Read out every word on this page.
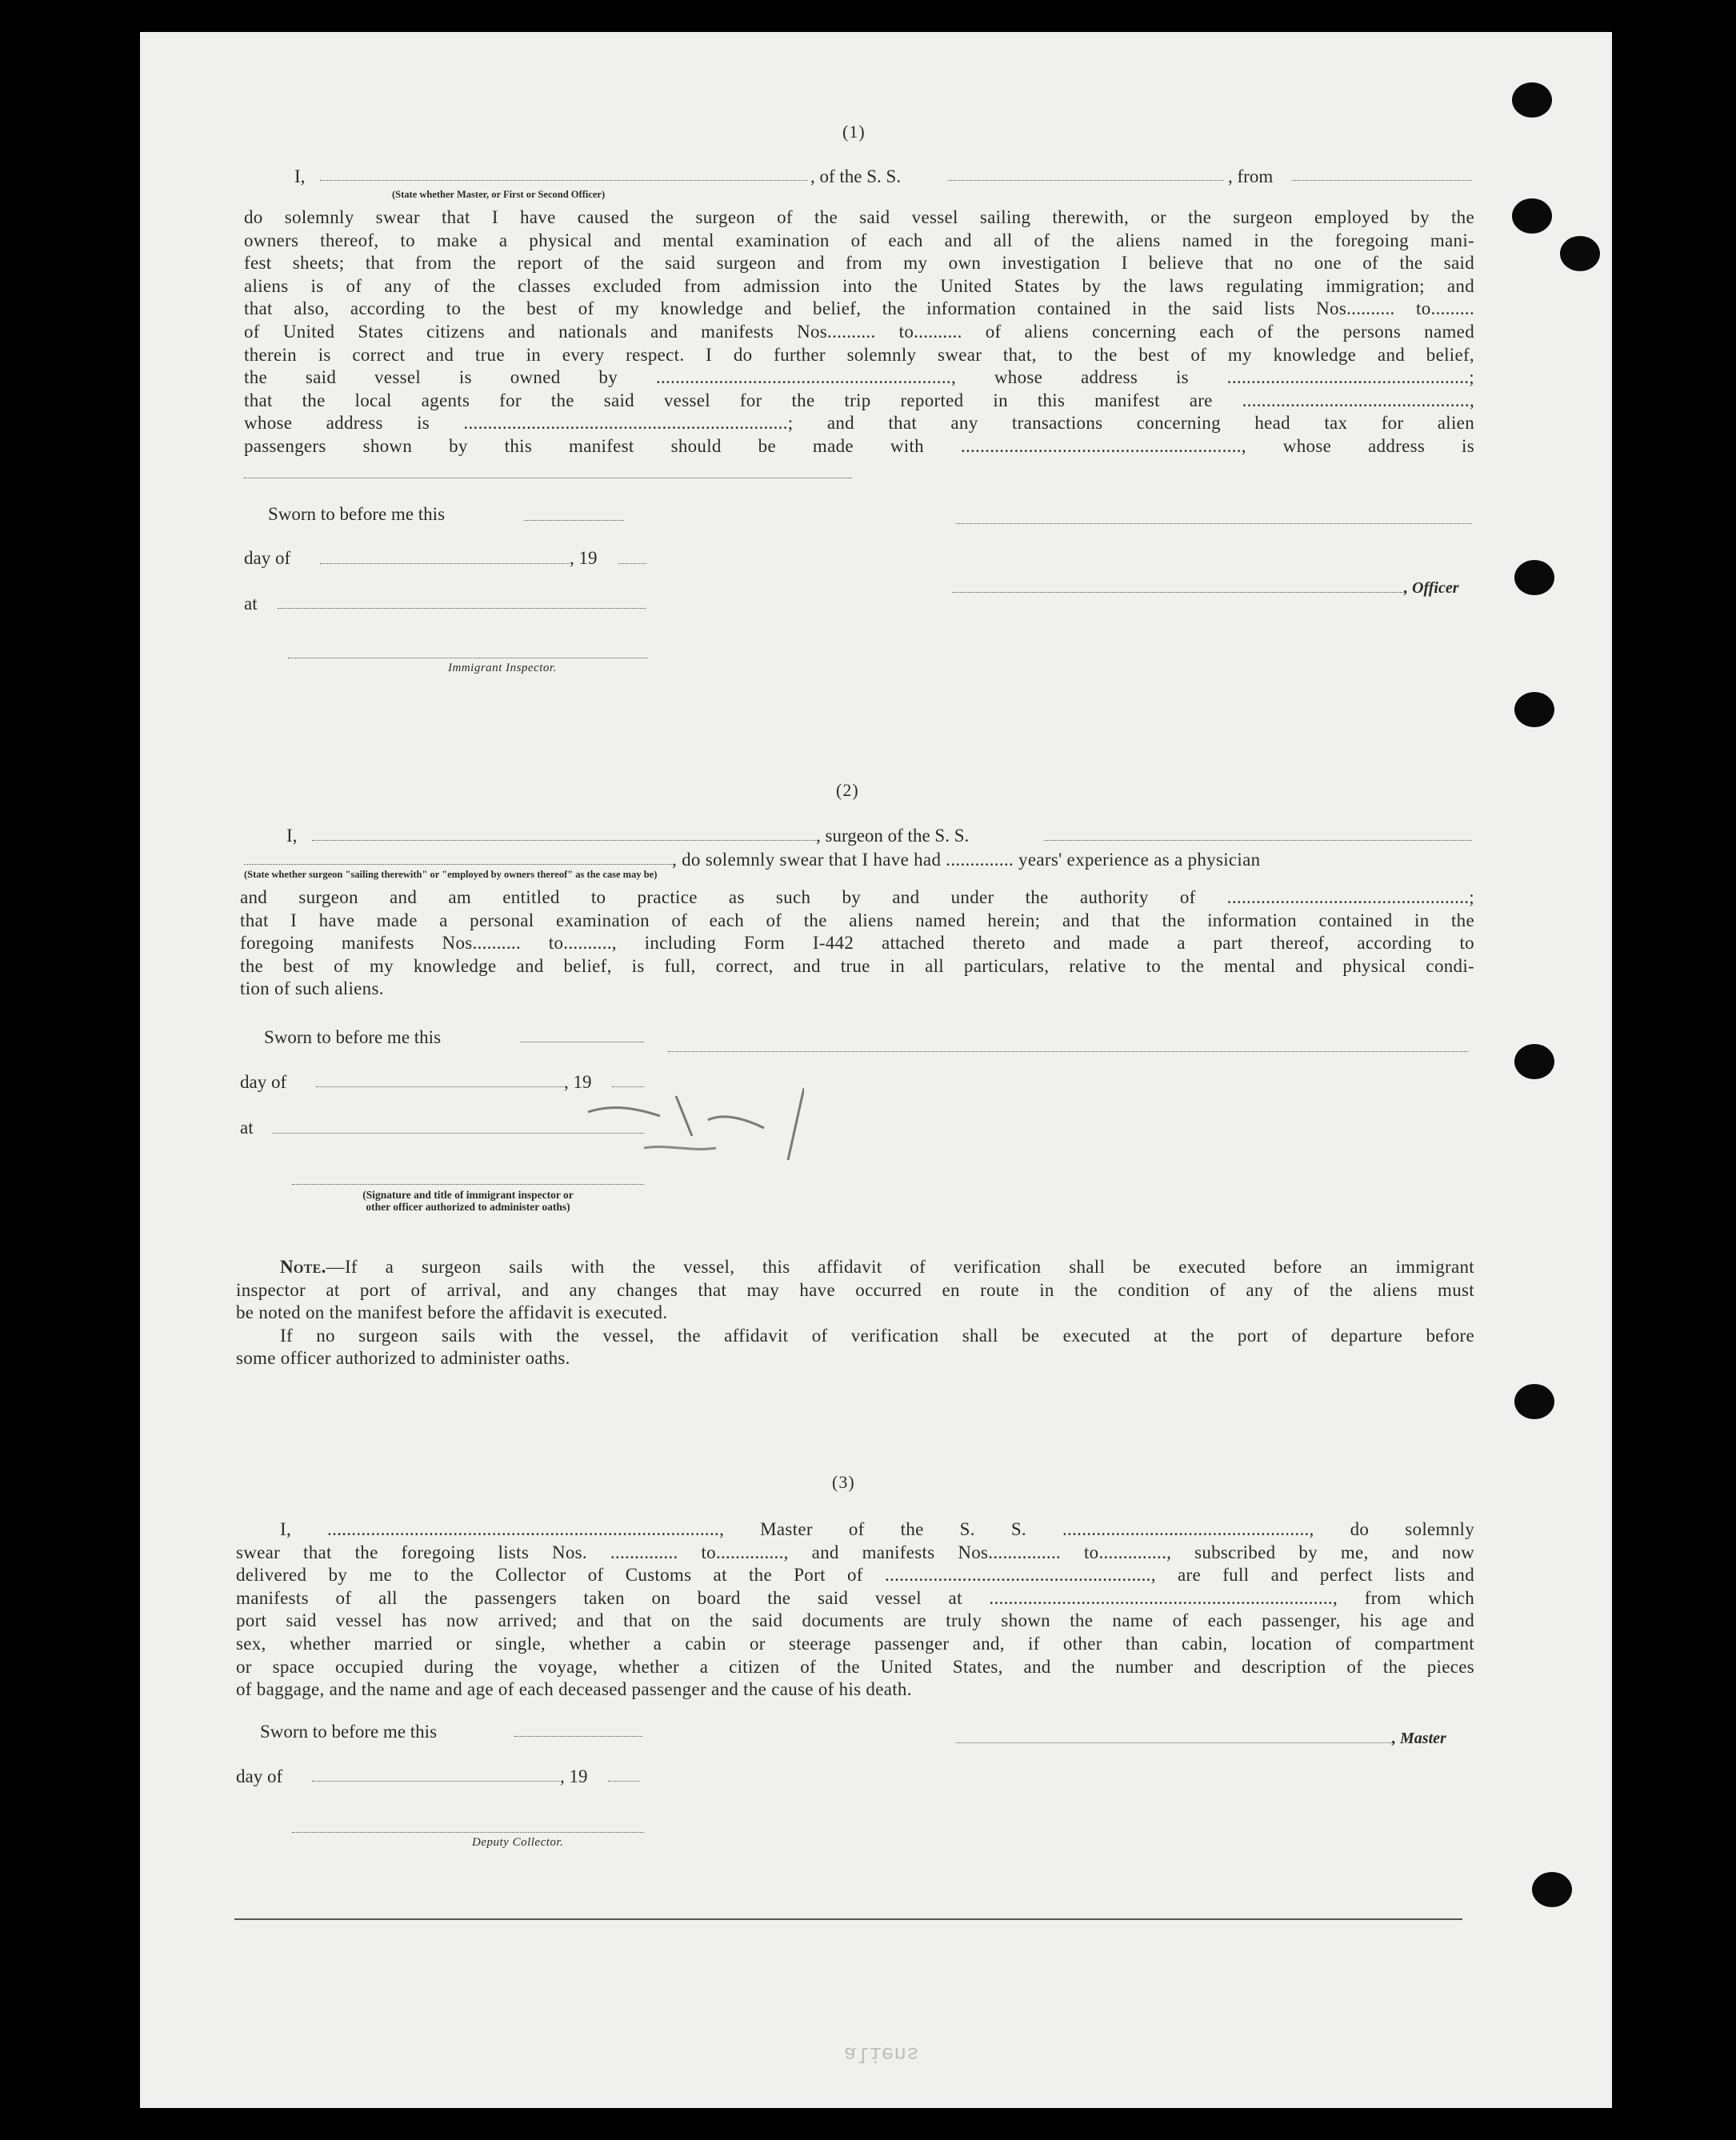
(1)
I,	, of the S. S.	, from
(State whether Master, or First or Second Officer)
do solemnly swear that I have caused the surgeon of the said vessel sailing therewith, or the surgeon employed by the
owners thereof, to make a physical and mental examination of each and all of the aliens named in the foregoing mani-
fest sheets; that from the report of the said surgeon and from my own investigation I believe that no one of the said
aliens is of any of the classes excluded from admission into the United States by the laws regulating immigration; and
that also, according to the best of my knowledge and belief, the information contained in the said lists Nos.......... to.........
of United States citizens and nationals and manifests Nos.......... to.......... of aliens concerning each of the persons named
therein is correct and true in every respect. I do further solemnly swear that, to the best of my knowledge and belief,
the said vessel is owned by ............................................................., whose address is ..................................................;
that the local agents for the said vessel for the trip reported in this manifest are ...............................................,
whose address is ...................................................................; and that any transactions concerning head tax for alien
passengers shown by this manifest should be made with .........................................................., whose address is
Sworn to before me this
day of	, 19
at
, Officer
Immigrant Inspector.
(2)
I,	, surgeon of the S. S.
, do solemnly swear that I have had .............. years' experience as a physician
(State whether surgeon "sailing therewith" or "employed by owners thereof" as the case may be)
and surgeon and am entitled to practice as such by and under the authority of ..................................................;
that I have made a personal examination of each of the aliens named herein; and that the information contained in the
foregoing manifests Nos.......... to.........., including Form I-442 attached thereto and made a part thereof, according to
the best of my knowledge and belief, is full, correct, and true in all particulars, relative to the mental and physical condi-
tion of such aliens.
Sworn to before me this
day of	, 19
at
(Signature and title of immigrant inspector or
other officer authorized to administer oaths)
Note.—If a surgeon sails with the vessel, this affidavit of verification shall be executed before an immigrant
inspector at port of arrival, and any changes that may have occurred en route in the condition of any of the aliens must
be noted on the manifest before the affidavit is executed.
If no surgeon sails with the vessel, the affidavit of verification shall be executed at the port of departure before
some officer authorized to administer oaths.
(3)
I, ................................................................................., Master of the S. S. ..................................................., do solemnly
swear that the foregoing lists Nos. .............. to.............., and manifests Nos............... to.............., subscribed by me, and now
delivered by me to the Collector of Customs at the Port of ......................................................., are full and perfect lists and
manifests of all the passengers taken on board the said vessel at ......................................................................., from which
port said vessel has now arrived; and that on the said documents are truly shown the name of each passenger, his age and
sex, whether married or single, whether a cabin or steerage passenger and, if other than cabin, location of compartment
or space occupied during the voyage, whether a citizen of the United States, and the number and description of the pieces
of baggage, and the name and age of each deceased passenger and the cause of his death.
Sworn to before me this	, Master
day of	, 19
Deputy Collector.
aliens
